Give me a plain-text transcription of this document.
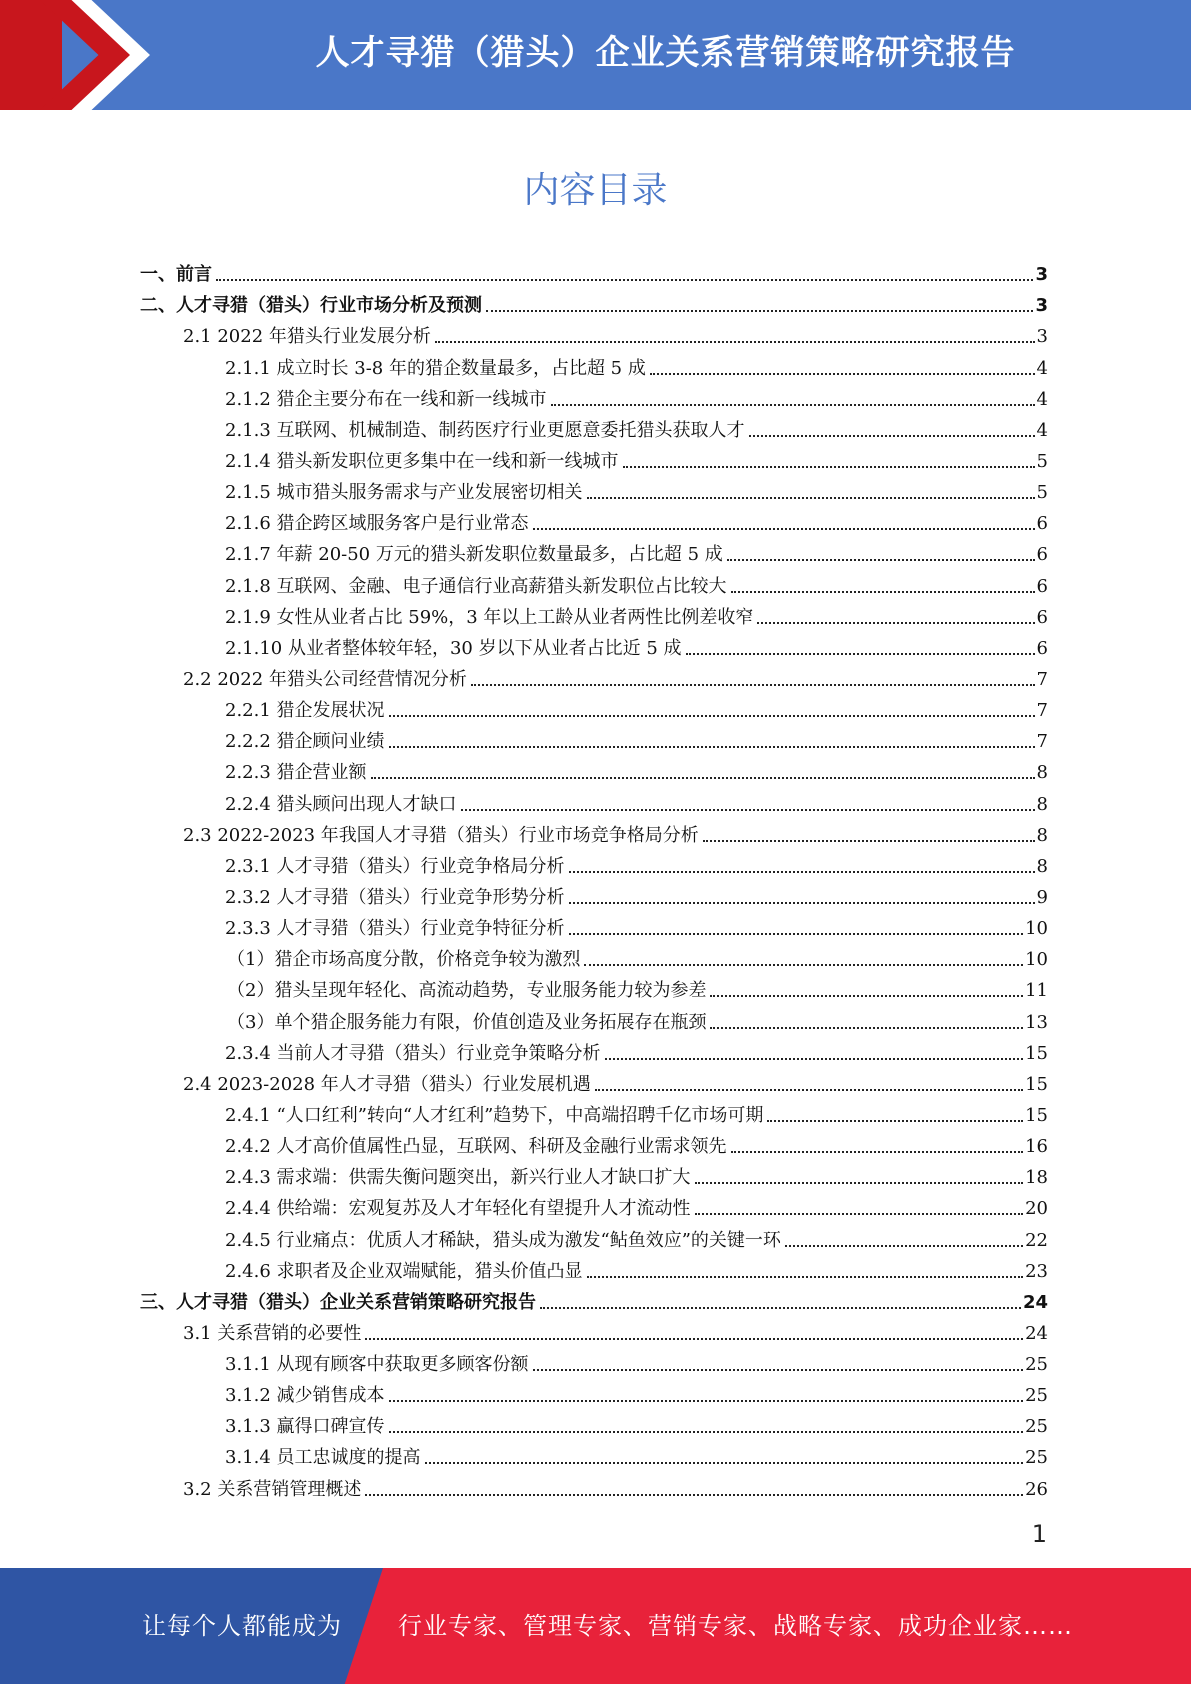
人才寻猎（猎头）企业关系营销策略研究报告
内容目录
一、前言	3
二、人才寻猎（猎头）行业市场分析及预测	3
2.1 2022 年猎头行业发展分析	3
2.1.1 成立时长 3-8 年的猎企数量最多，占比超 5 成	4
2.1.2 猎企主要分布在一线和新一线城市	4
2.1.3 互联网、机械制造、制药医疗行业更愿意委托猎头获取人才	4
2.1.4 猎头新发职位更多集中在一线和新一线城市	5
2.1.5 城市猎头服务需求与产业发展密切相关	5
2.1.6 猎企跨区域服务客户是行业常态	6
2.1.7 年薪 20-50 万元的猎头新发职位数量最多，占比超 5 成	6
2.1.8 互联网、金融、电子通信行业高薪猎头新发职位占比较大	6
2.1.9 女性从业者占比 59%，3 年以上工龄从业者两性比例差收窄	6
2.1.10 从业者整体较年轻，30 岁以下从业者占比近 5 成	6
2.2 2022 年猎头公司经营情况分析	7
2.2.1 猎企发展状况	7
2.2.2 猎企顾问业绩	7
2.2.3 猎企营业额	8
2.2.4 猎头顾问出现人才缺口	8
2.3 2022-2023 年我国人才寻猎（猎头）行业市场竞争格局分析	8
2.3.1 人才寻猎（猎头）行业竞争格局分析	8
2.3.2 人才寻猎（猎头）行业竞争形势分析	9
2.3.3 人才寻猎（猎头）行业竞争特征分析	10
（1）猎企市场高度分散，价格竞争较为激烈	10
（2）猎头呈现年轻化、高流动趋势，专业服务能力较为参差	11
（3）单个猎企服务能力有限，价值创造及业务拓展存在瓶颈	13
2.3.4 当前人才寻猎（猎头）行业竞争策略分析	15
2.4 2023-2028 年人才寻猎（猎头）行业发展机遇	15
2.4.1 “人口红利”转向“人才红利”趋势下，中高端招聘千亿市场可期	15
2.4.2 人才高价值属性凸显，互联网、科研及金融行业需求领先	16
2.4.3 需求端：供需失衡问题突出，新兴行业人才缺口扩大	18
2.4.4 供给端：宏观复苏及人才年轻化有望提升人才流动性	20
2.4.5 行业痛点：优质人才稀缺，猎头成为激发“鲇鱼效应”的关键一环	22
2.4.6 求职者及企业双端赋能，猎头价值凸显	23
三、人才寻猎（猎头）企业关系营销策略研究报告	24
3.1 关系营销的必要性	24
3.1.1 从现有顾客中获取更多顾客份额	25
3.1.2 减少销售成本	25
3.1.3 赢得口碑宣传	25
3.1.4 员工忠诚度的提高	25
3.2 关系营销管理概述	26
1
让每个人都能成为 行业专家、管理专家、营销专家、战略专家、成功企业家……
